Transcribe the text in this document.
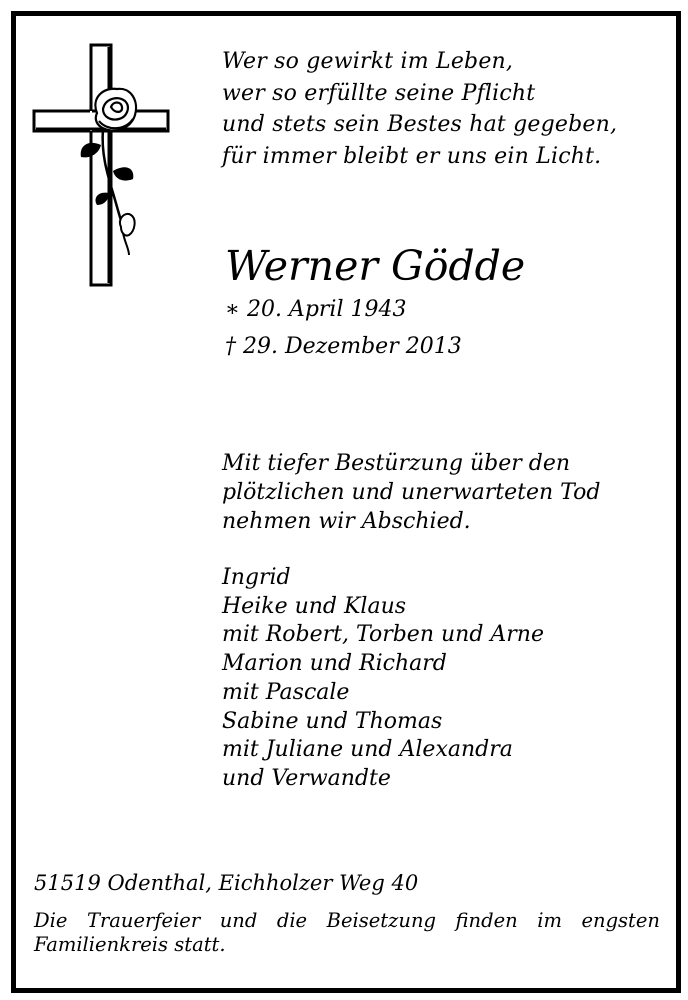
Wer so gewirkt im Leben,
wer so erfüllte seine Pflicht
und stets sein Bestes hat gegeben,
für immer bleibt er uns ein Licht.
Werner Gödde
∗ 20. April 1943
† 29. Dezember 2013
Mit tiefer Bestürzung über den
plötzlichen und unerwarteten Tod
nehmen wir Abschied.
Ingrid
Heike und Klaus
mit Robert, Torben und Arne
Marion und Richard
mit Pascale
Sabine und Thomas
mit Juliane und Alexandra
und Verwandte
51519 Odenthal, Eichholzer Weg 40
Die Trauerfeier und die Beisetzung finden im engsten Familienkreis statt.
